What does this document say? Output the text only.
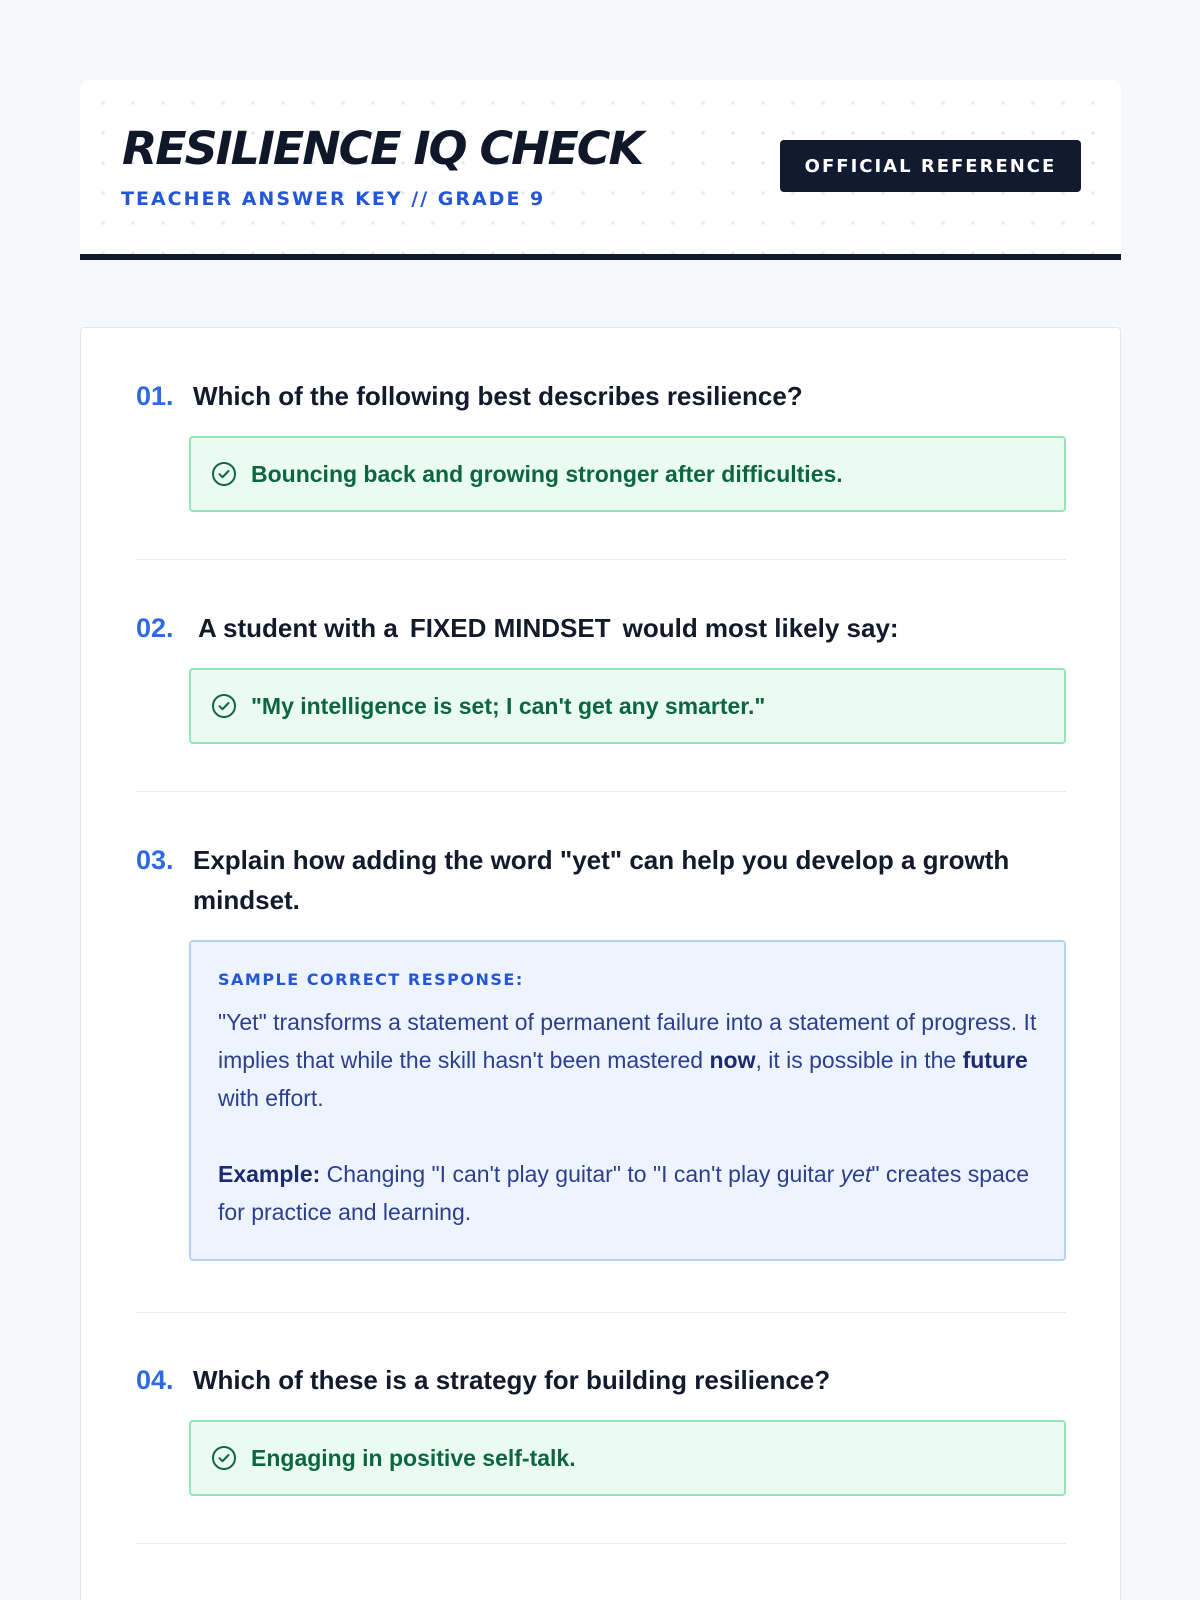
RESILIENCE IQ CHECK
TEACHER ANSWER KEY // GRADE 9
OFFICIAL REFERENCE
01. Which of the following best describes resilience?
Bouncing back and growing stronger after difficulties.
02. A student with a FIXED MINDSET would most likely say:
"My intelligence is set; I can't get any smarter."
03. Explain how adding the word "yet" can help you develop a growth mindset.
SAMPLE CORRECT RESPONSE:
"Yet" transforms a statement of permanent failure into a statement of progress. It implies that while the skill hasn't been mastered now, it is possible in the future with effort.
Example: Changing "I can't play guitar" to "I can't play guitar yet" creates space for practice and learning.
04. Which of these is a strategy for building resilience?
Engaging in positive self-talk.
